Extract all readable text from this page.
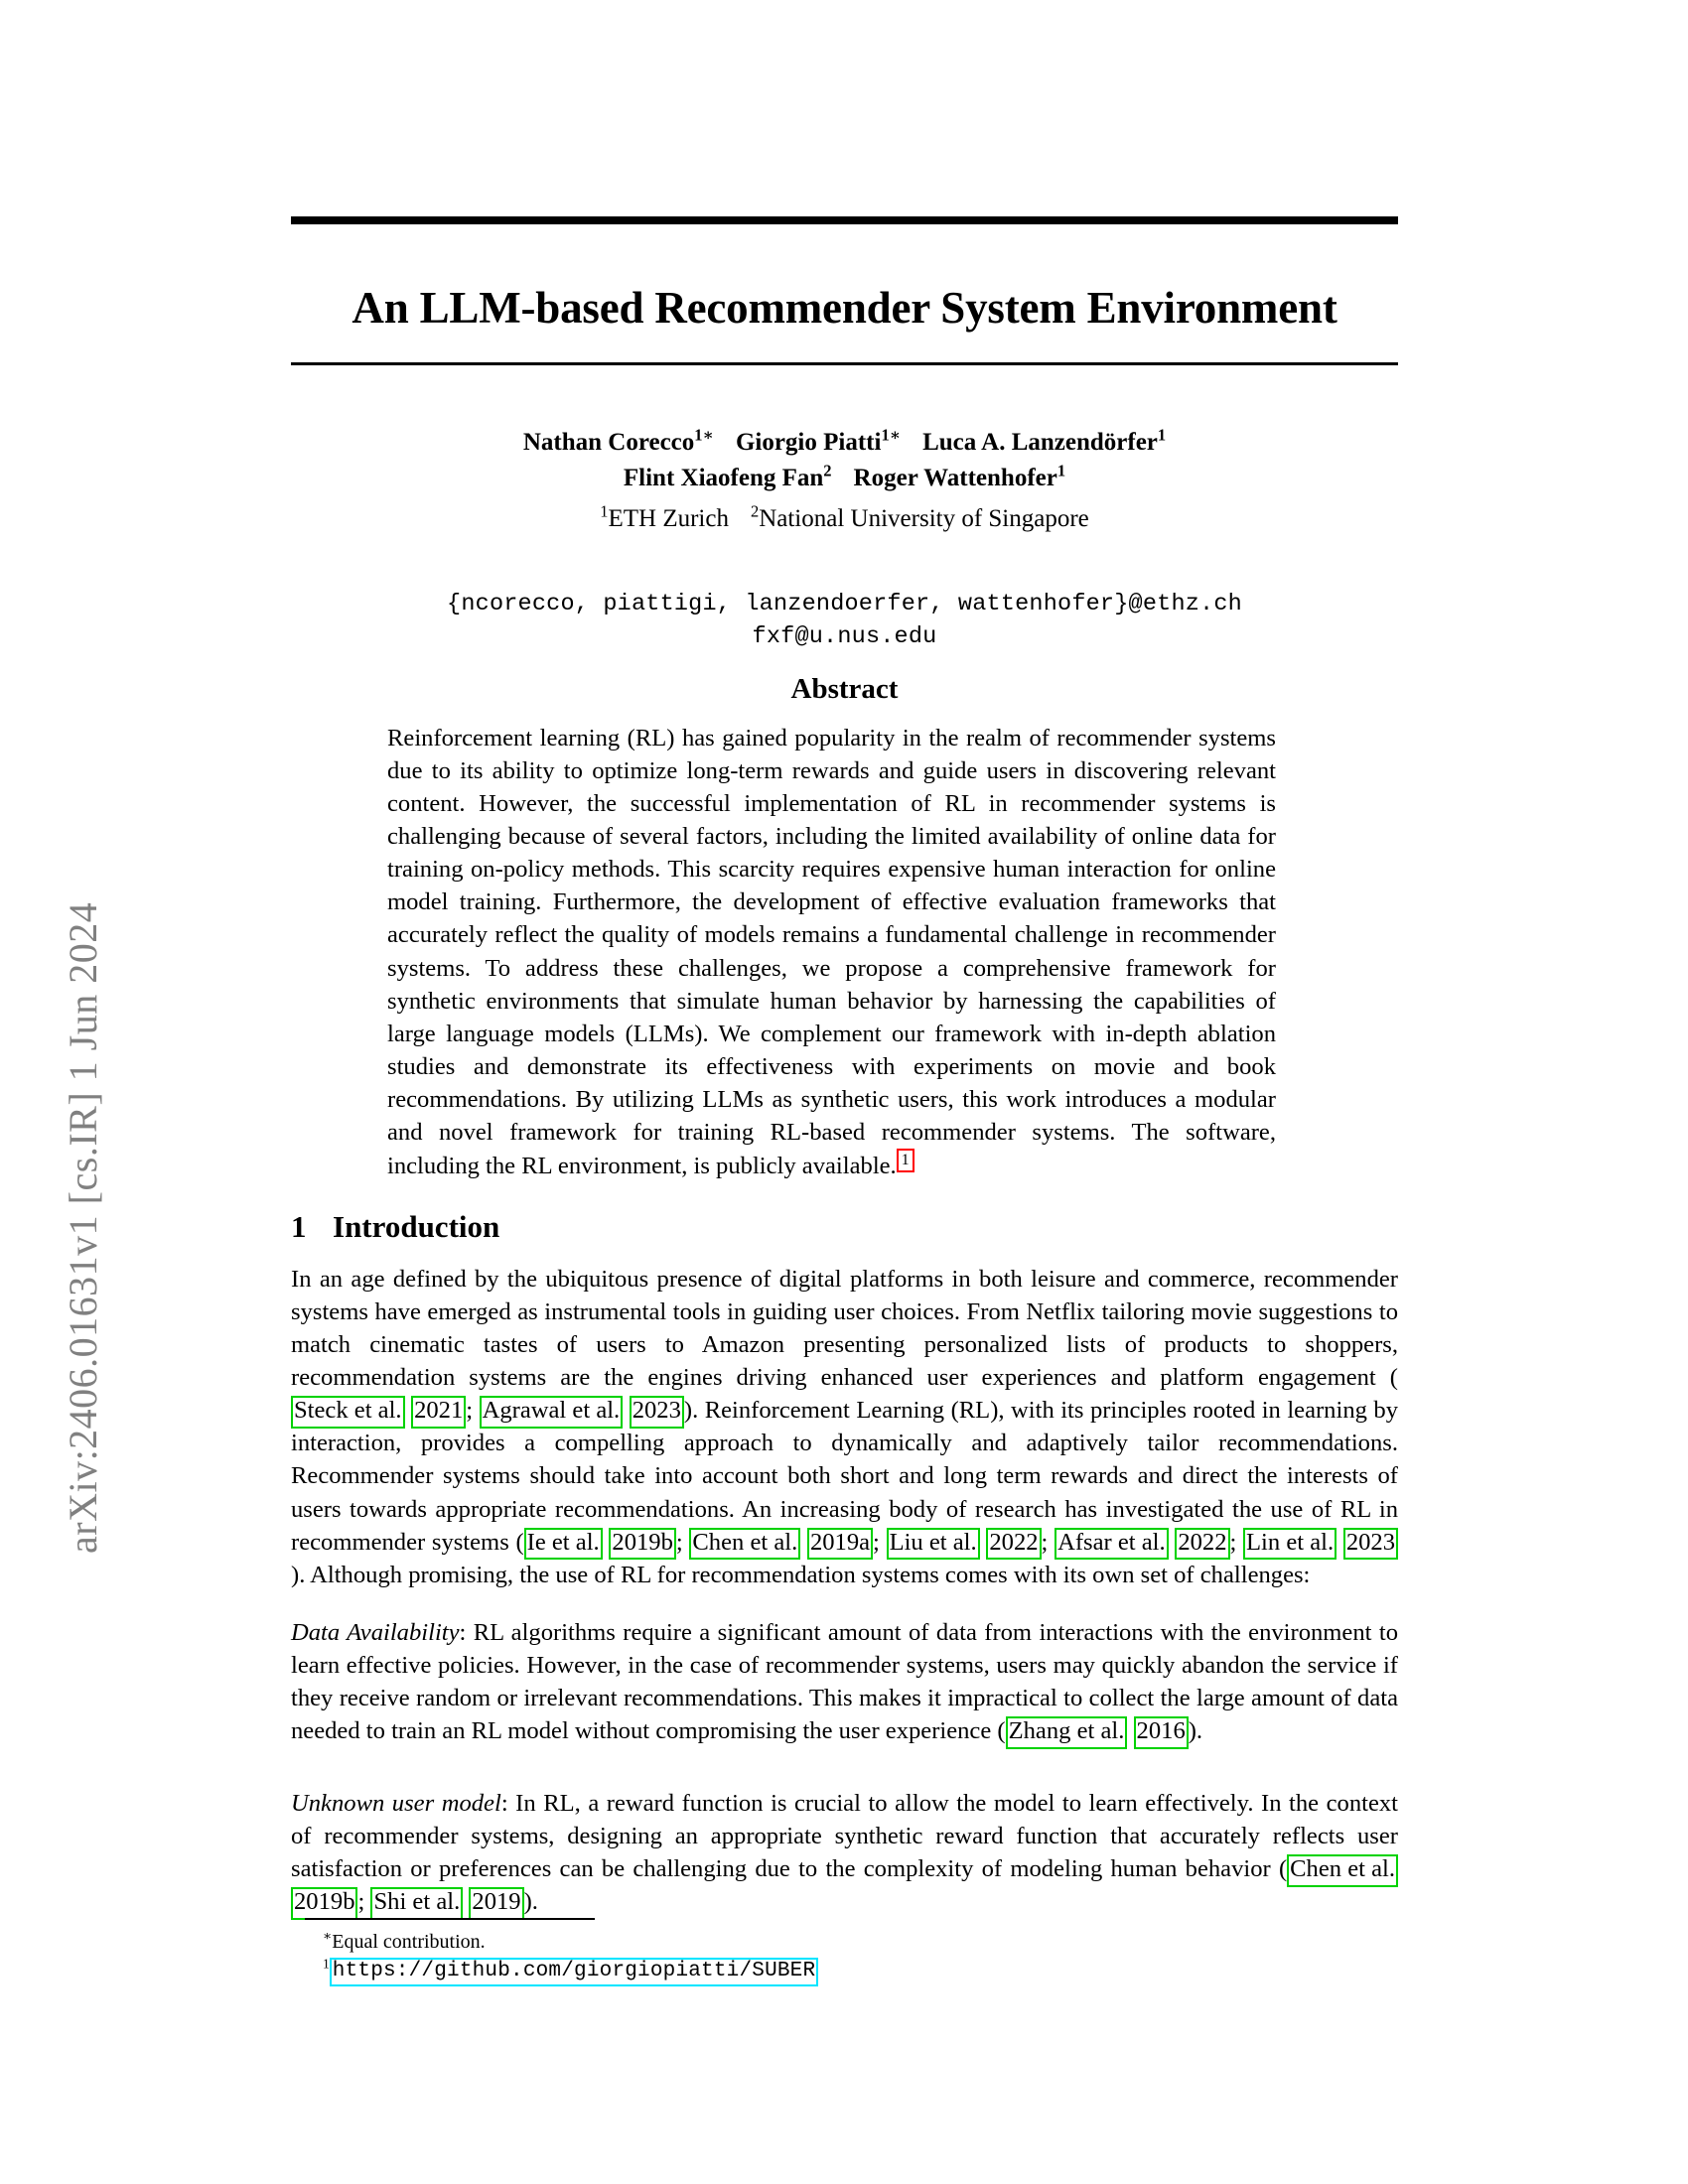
arXiv:2406.01631v1 [cs.IR] 1 Jun 2024
An LLM-based Recommender System Environment
Nathan Corecco$^{1∗}$ Giorgio Piatti$^{1∗}$ Luca A. Lanzendörfer$^1$
Flint Xiaofeng Fan$^2$ Roger Wattenhofer$^1$
$^1$ETH Zurich $^2$National University of Singapore
{ncorecco, piattigi, lanzendoerfer, wattenhofer}@ethz.ch
fxf@u.nus.edu
Abstract
Reinforcement learning (RL) has gained popularity in the realm of recommender systems due to its ability to optimize long-term rewards and guide users in discovering relevant content. However, the successful implementation of RL in recommender systems is challenging because of several factors, including the limited availability of online data for training on-policy methods. This scarcity requires expensive human interaction for online model training. Furthermore, the development of effective evaluation frameworks that accurately reflect the quality of models remains a fundamental challenge in recommender systems. To address these challenges, we propose a comprehensive framework for synthetic environments that simulate human behavior by harnessing the capabilities of large language models (LLMs). We complement our framework with in-depth ablation studies and demonstrate its effectiveness with experiments on movie and book recommendations. By utilizing LLMs as synthetic users, this work introduces a modular and novel framework for training RL-based recommender systems. The software, including the RL environment, is publicly available. $^1$
1 Introduction
In an age defined by the ubiquitous presence of digital platforms in both leisure and commerce, recommender systems have emerged as instrumental tools in guiding user choices. From Netflix tailoring movie suggestions to match cinematic tastes of users to Amazon presenting personalized lists of products to shoppers, recommendation systems are the engines driving enhanced user experiences and platform engagement (Steck et al. 2021 ; Agrawal et al. 2023 ). Reinforcement Learning (RL), with its principles rooted in learning by interaction, provides a compelling approach to dynamically and adaptively tailor recommendations. Recommender systems should take into account both short and long term rewards and direct the interests of users towards appropriate recommendations. An increasing body of research has investigated the use of RL in recommender systems ( Ie et al. 2019b ; Chen et al. 2019a ; Liu et al. 2022 ; Afsar et al. 2022 ; Lin et al. 2023). Although promising, the use of RL for recommendation systems comes with its own set of challenges:
Data Availability: RL algorithms require a significant amount of data from interactions with the environment to learn effective policies. However, in the case of recommender systems, users may quickly abandon the service if they receive random or irrelevant recommendations. This makes it impractical to collect the large amount of data needed to train an RL model without compromising the user experience ( Zhang et al. 2016 ).
Unknown user model: In RL, a reward function is crucial to allow the model to learn effectively. In the context of recommender systems, designing an appropriate synthetic reward function that accurately reflects user satisfaction or preferences can be challenging due to the complexity of modeling human behavior ( Chen et al. 2019b ; Shi et al. 2019 ).
∗Equal contribution.
$^1$ https://github.com/giorgiopiatti/SUBER
